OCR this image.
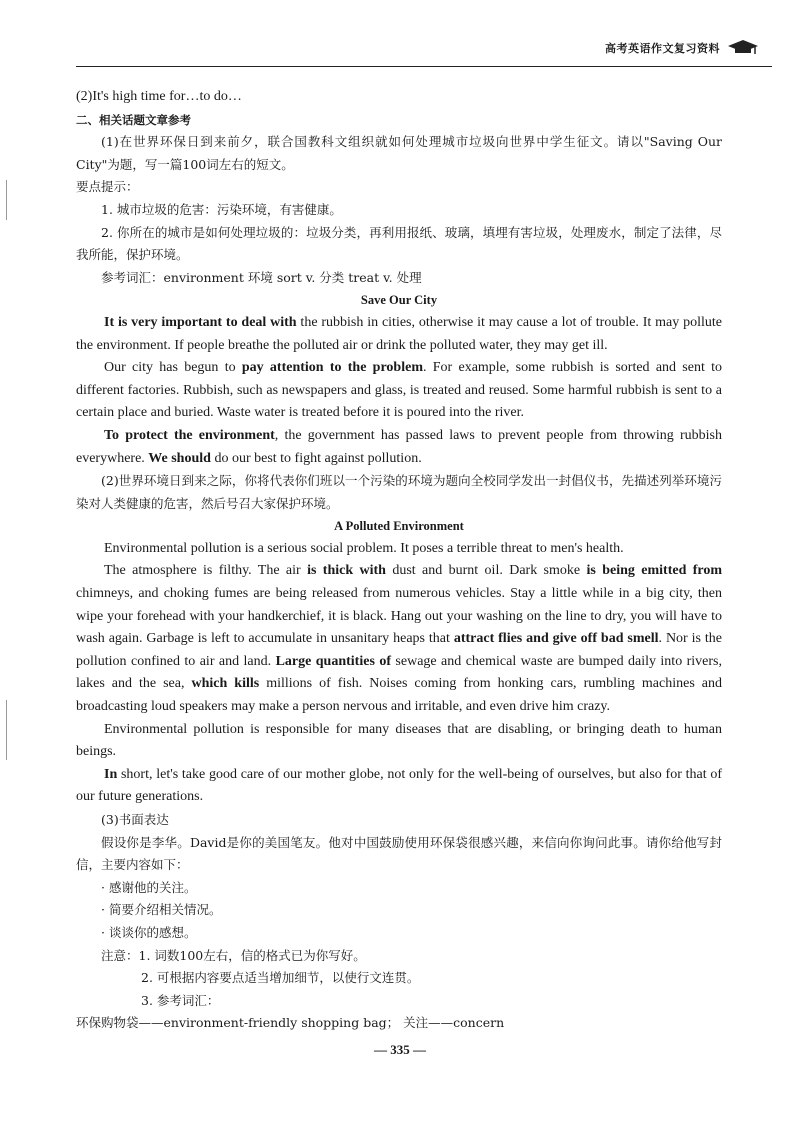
高考英语作文复习资料

(2)It's high time for…to do…

二、相关话题文章参考

(1)在世界环保日到来前夕，联合国教科文组织就如何处理城市垃圾向世界中学生征文。请以"Saving Our City"为题，写一篇100词左右的短文。

要点提示：

1. 城市垃圾的危害：污染环境，有害健康。

2. 你所在的城市是如何处理垃圾的：垃圾分类，再利用报纸、玻璃，填埋有害垃圾，处理废水，制定了法律，尽我所能，保护环境。

参考词汇：environment 环境 sort v. 分类 treat v. 处理

Save Our City

It is very important to deal with the rubbish in cities, otherwise it may cause a lot of trouble. It may pollute the environment. If people breathe the polluted air or drink the polluted water, they may get ill.

Our city has begun to pay attention to the problem. For example, some rubbish is sorted and sent to different factories. Rubbish, such as newspapers and glass, is treated and reused. Some harmful rubbish is sent to a certain place and buried. Waste water is treated before it is poured into the river.

To protect the environment, the government has passed laws to prevent people from throwing rubbish everywhere. We should do our best to fight against pollution.

(2)世界环境日到来之际，你将代表你们班以一个污染的环境为题向全校同学发出一封倡仪书，先描述列举环境污染对人类健康的危害，然后号召大家保护环境。

A Polluted Environment

Environmental pollution is a serious social problem. It poses a terrible threat to men's health.

The atmosphere is filthy. The air is thick with dust and burnt oil. Dark smoke is being emitted from chimneys, and choking fumes are being released from numerous vehicles. Stay a little while in a big city, then wipe your forehead with your handkerchief, it is black. Hang out your washing on the line to dry, you will have to wash again. Garbage is left to accumulate in unsanitary heaps that attract flies and give off bad smell. Nor is the pollution confined to air and land. Large quantities of sewage and chemical waste are bumped daily into rivers, lakes and the sea, which kills millions of fish. Noises coming from honking cars, rumbling machines and broadcasting loud speakers may make a person nervous and irritable, and even drive him crazy.

Environmental pollution is responsible for many diseases that are disabling, or bringing death to human beings.

In short, let's take good care of our mother globe, not only for the well-being of ourselves, but also for that of our future generations.

(3)书面表达

假设你是李华。David是你的美国笔友。他对中国鼓励使用环保袋很感兴趣，来信向你询问此事。请你给他写封信，主要内容如下：

· 感谢他的关注。

· 简要介绍相关情况。

· 谈谈你的感想。

注意：1. 词数100左右，信的格式已为你写好。

2. 可根据内容要点适当增加细节，以使行文连贯。

3. 参考词汇：

环保购物袋——environment-friendly shopping bag； 关注——concern

— 335 —
